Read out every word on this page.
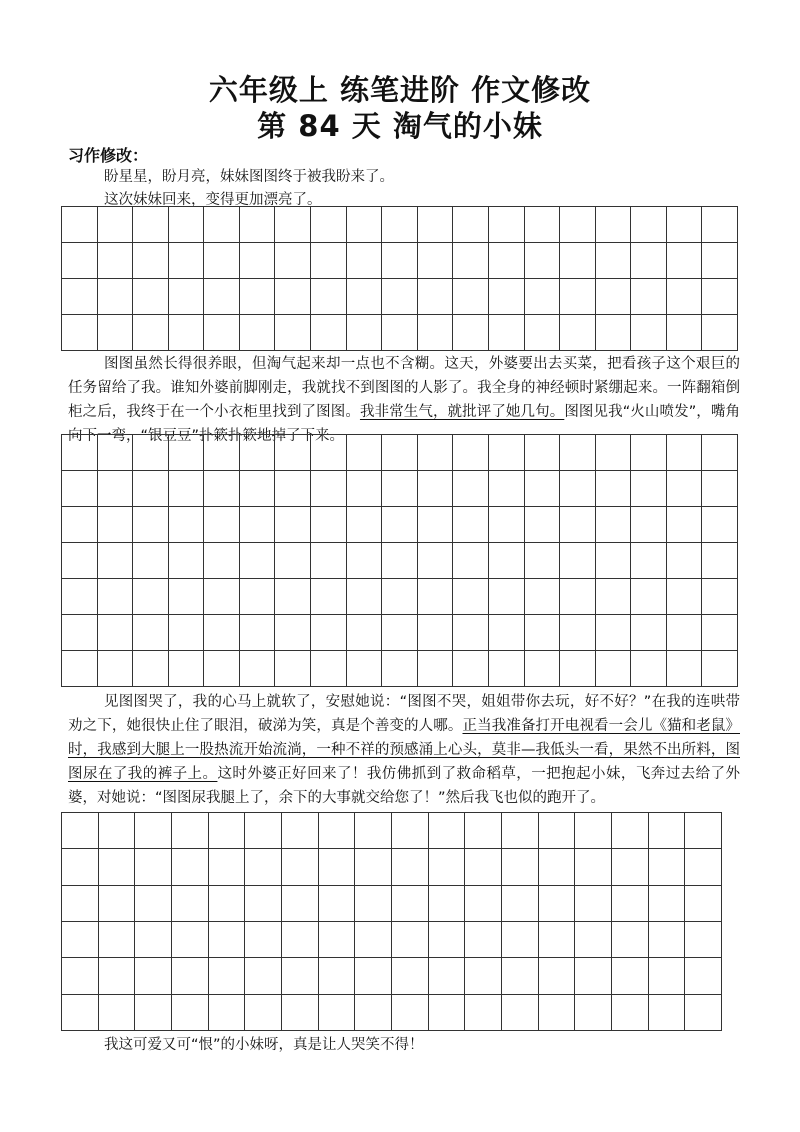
六年级上 练笔进阶 作文修改
第 84 天 淘气的小妹
习作修改：
盼星星，盼月亮，妹妹图图终于被我盼来了。
这次妹妹回来，变得更加漂亮了。
图图虽然长得很养眼，但淘气起来却一点也不含糊。这天，外婆要出去买菜，把看孩子这个艰巨的任务留给了我。谁知外婆前脚刚走，我就找不到图图的人影了。我全身的神经顿时紧绷起来。一阵翻箱倒柜之后，我终于在一个小衣柜里找到了图图。我非常生气，就批评了她几句。图图见我“火山喷发”，嘴角向下一弯，“银豆豆”扑簌扑簌地掉了下来。
见图图哭了，我的心马上就软了，安慰她说：“图图不哭，姐姐带你去玩，好不好？”在我的连哄带劝之下，她很快止住了眼泪，破涕为笑，真是个善变的人哪。正当我准备打开电视看一会儿《猫和老鼠》时，我感到大腿上一股热流开始流淌，一种不祥的预感涌上心头，莫非—我低头一看，果然不出所料，图图尿在了我的裤子上。这时外婆正好回来了！我仿佛抓到了救命稻草，一把抱起小妹，飞奔过去给了外婆，对她说：“图图尿我腿上了，余下的大事就交给您了！”然后我飞也似的跑开了。
我这可爱又可“恨”的小妹呀，真是让人哭笑不得！
